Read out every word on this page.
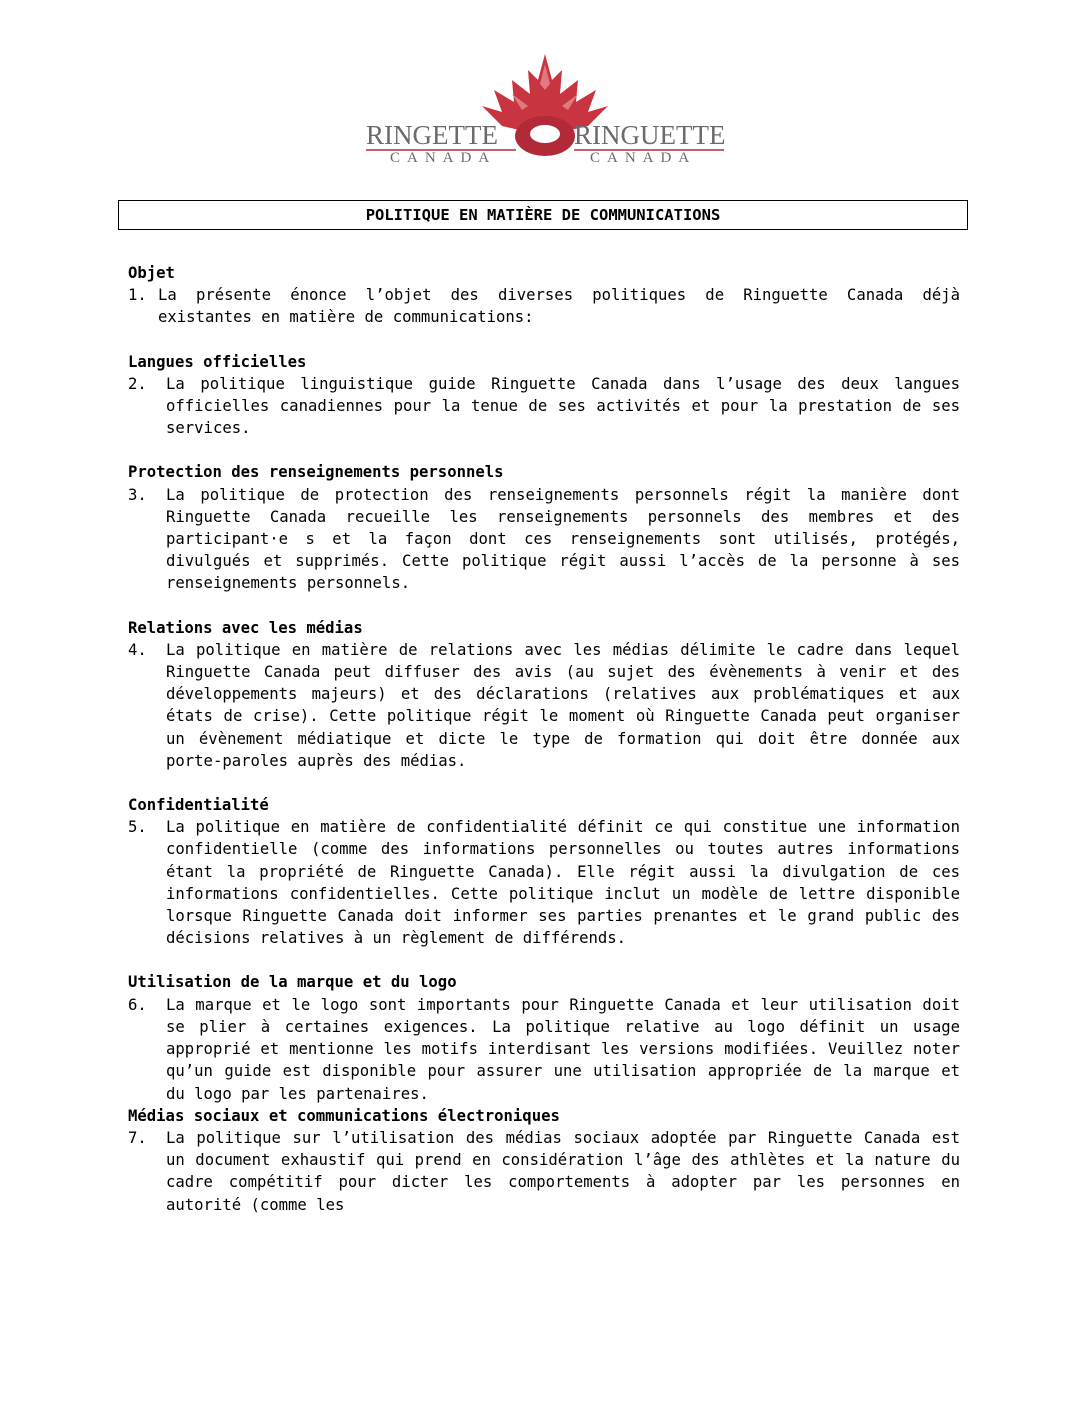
RINGETTE
CANADA
RINGUETTE
CANADA
POLITIQUE EN MATIÈRE DE COMMUNICATIONS

Objet

1. La présente énonce l’objet des diverses politiques de Ringuette Canada déjà existantes en matière de communications:

Langues officielles

2.	La politique linguistique guide Ringuette Canada dans l’usage des deux langues officielles canadiennes pour la tenue de ses activités et pour la prestation de ses services.

Protection des renseignements personnels

3.	La politique de protection des renseignements personnels régit la manière dont Ringuette Canada recueille les renseignements personnels des membres et des participant·e s et la façon dont ces renseignements sont utilisés, protégés, divulgués et supprimés. Cette politique régit aussi l’accès de la personne à ses renseignements personnels.

Relations avec les médias

4.	La politique en matière de relations avec les médias délimite le cadre dans lequel Ringuette Canada peut diffuser des avis (au sujet des évènements à venir et des développements majeurs) et des déclarations (relatives aux problématiques et aux états de crise). Cette politique régit le moment où Ringuette Canada peut organiser un évènement médiatique et dicte le type de formation qui doit être donnée aux porte-paroles auprès des médias.

Confidentialité

5.	La politique en matière de confidentialité définit ce qui constitue une information confidentielle (comme des informations personnelles ou toutes autres informations étant la propriété de Ringuette Canada). Elle régit aussi la divulgation de ces informations confidentielles. Cette politique inclut un modèle de lettre disponible lorsque Ringuette Canada doit informer ses parties prenantes et le grand public des décisions relatives à un règlement de différends.

Utilisation de la marque et du logo

6.	La marque et le logo sont importants pour Ringuette Canada et leur utilisation doit se plier à certaines exigences. La politique relative au logo définit un usage approprié et mentionne les motifs interdisant les versions modifiées. Veuillez noter qu’un guide est disponible pour assurer une utilisation appropriée de la marque et du logo par les partenaires.

Médias sociaux et communications électroniques

7.	La politique sur l’utilisation des médias sociaux adoptée par Ringuette Canada est un document exhaustif qui prend en considération l’âge des athlètes et la nature du cadre compétitif pour dicter les comportements à adopter par les personnes en autorité (comme les
